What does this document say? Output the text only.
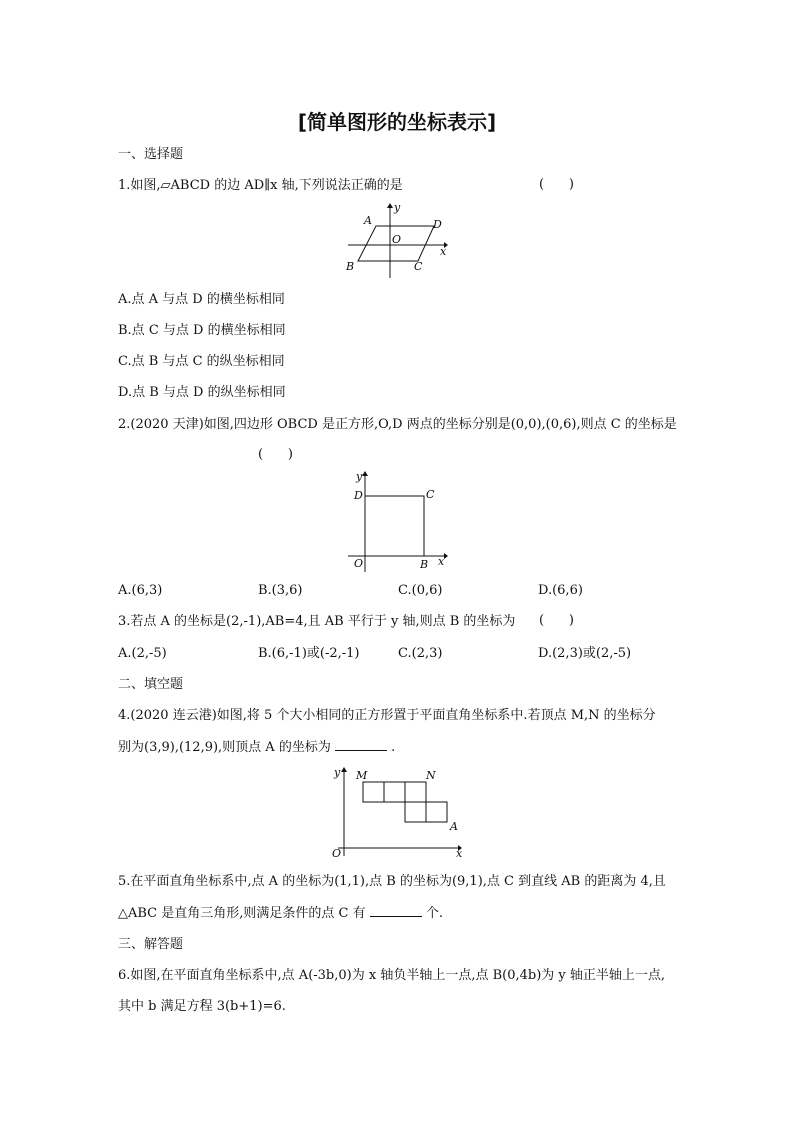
[简单图形的坐标表示]
一、选择题
1.如图,▱ABCD 的边 AD∥x 轴,下列说法正确的是	(      )
y
A	D
O
x
B	C
A.点 A 与点 D 的横坐标相同
B.点 C 与点 D 的横坐标相同
C.点 B 与点 C 的纵坐标相同
D.点 B 与点 D 的纵坐标相同
2.(2020 天津)如图,四边形 OBCD 是正方形,O,D 两点的坐标分别是(0,0),(0,6),则点 C 的坐标是
(      )
y
D	C
O	B x
A.(6,3)	B.(3,6)	C.(0,6)	D.(6,6)
3.若点 A 的坐标是(2,-1),AB=4,且 AB 平行于 y 轴,则点 B 的坐标为 (      )
A.(2,-5)	B.(6,-1)或(-2,-1)	C.(2,3)	D.(2,3)或(2,-5)
二、填空题
4.(2020 连云港)如图,将 5 个大小相同的正方形置于平面直角坐标系中.若顶点 M,N 的坐标分
别为(3,9),(12,9),则顶点 A 的坐标为	.
y M	N
A
O	x
5.在平面直角坐标系中,点 A 的坐标为(1,1),点 B 的坐标为(9,1),点 C 到直线 AB 的距离为 4,且
△ABC 是直角三角形,则满足条件的点 C 有	个.
三、解答题
6.如图,在平面直角坐标系中,点 A(-3b,0)为 x 轴负半轴上一点,点 B(0,4b)为 y 轴正半轴上一点,
其中 b 满足方程 3(b+1)=6.
